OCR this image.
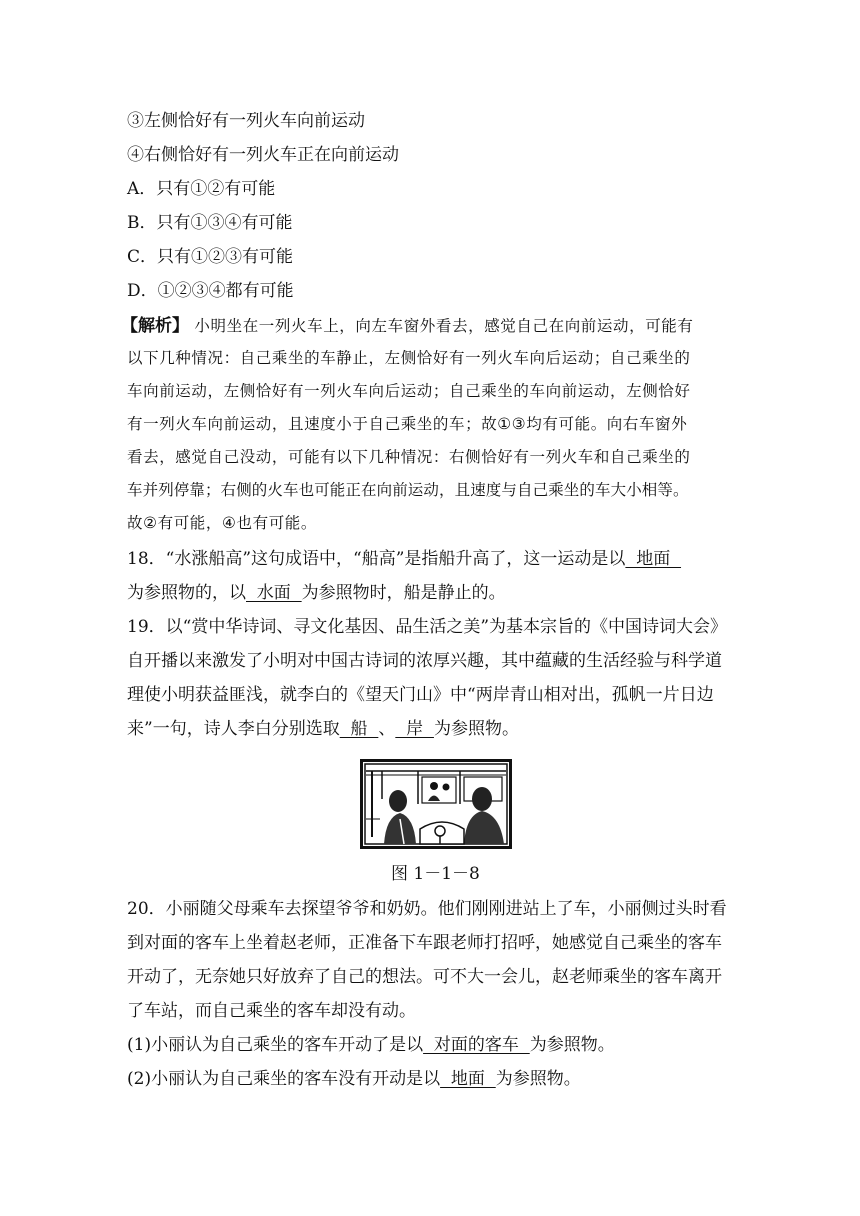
③左侧恰好有一列火车向前运动
④右侧恰好有一列火车正在向前运动
A．只有①②有可能
B．只有①③④有可能
C．只有①②③有可能
D．①②③④都有可能
【解析】 小明坐在一列火车上，向左车窗外看去，感觉自己在向前运动，可能有
以下几种情况：自己乘坐的车静止，左侧恰好有一列火车向后运动；自己乘坐的
车向前运动，左侧恰好有一列火车向后运动；自己乘坐的车向前运动，左侧恰好
有一列火车向前运动，且速度小于自己乘坐的车；故①③均有可能。向右车窗外
看去，感觉自己没动，可能有以下几种情况：右侧恰好有一列火车和自己乘坐的
车并列停靠；右侧的火车也可能正在向前运动，且速度与自己乘坐的车大小相等。
故②有可能，④也有可能。
18．“水涨船高”这句成语中，“船高”是指船升高了，这一运动是以  地面
为参照物的，以  水面  为参照物时，船是静止的。
19．以“赏中华诗词、寻文化基因、品生活之美”为基本宗旨的《中国诗词大会》
自开播以来激发了小明对中国古诗词的浓厚兴趣，其中蕴藏的生活经验与科学道
理使小明获益匪浅，就李白的《望天门山》中“两岸青山相对出，孤帆一片日边
来”一句，诗人李白分别选取  船  、  岸  为参照物。
图 1－1－8
20．小丽随父母乘车去探望爷爷和奶奶。他们刚刚进站上了车，小丽侧过头时看
到对面的客车上坐着赵老师，正准备下车跟老师打招呼，她感觉自己乘坐的客车
开动了，无奈她只好放弃了自己的想法。可不大一会儿，赵老师乘坐的客车离开
了车站，而自己乘坐的客车却没有动。
(1)小丽认为自己乘坐的客车开动了是以  对面的客车  为参照物。
(2)小丽认为自己乘坐的客车没有开动是以  地面  为参照物。
